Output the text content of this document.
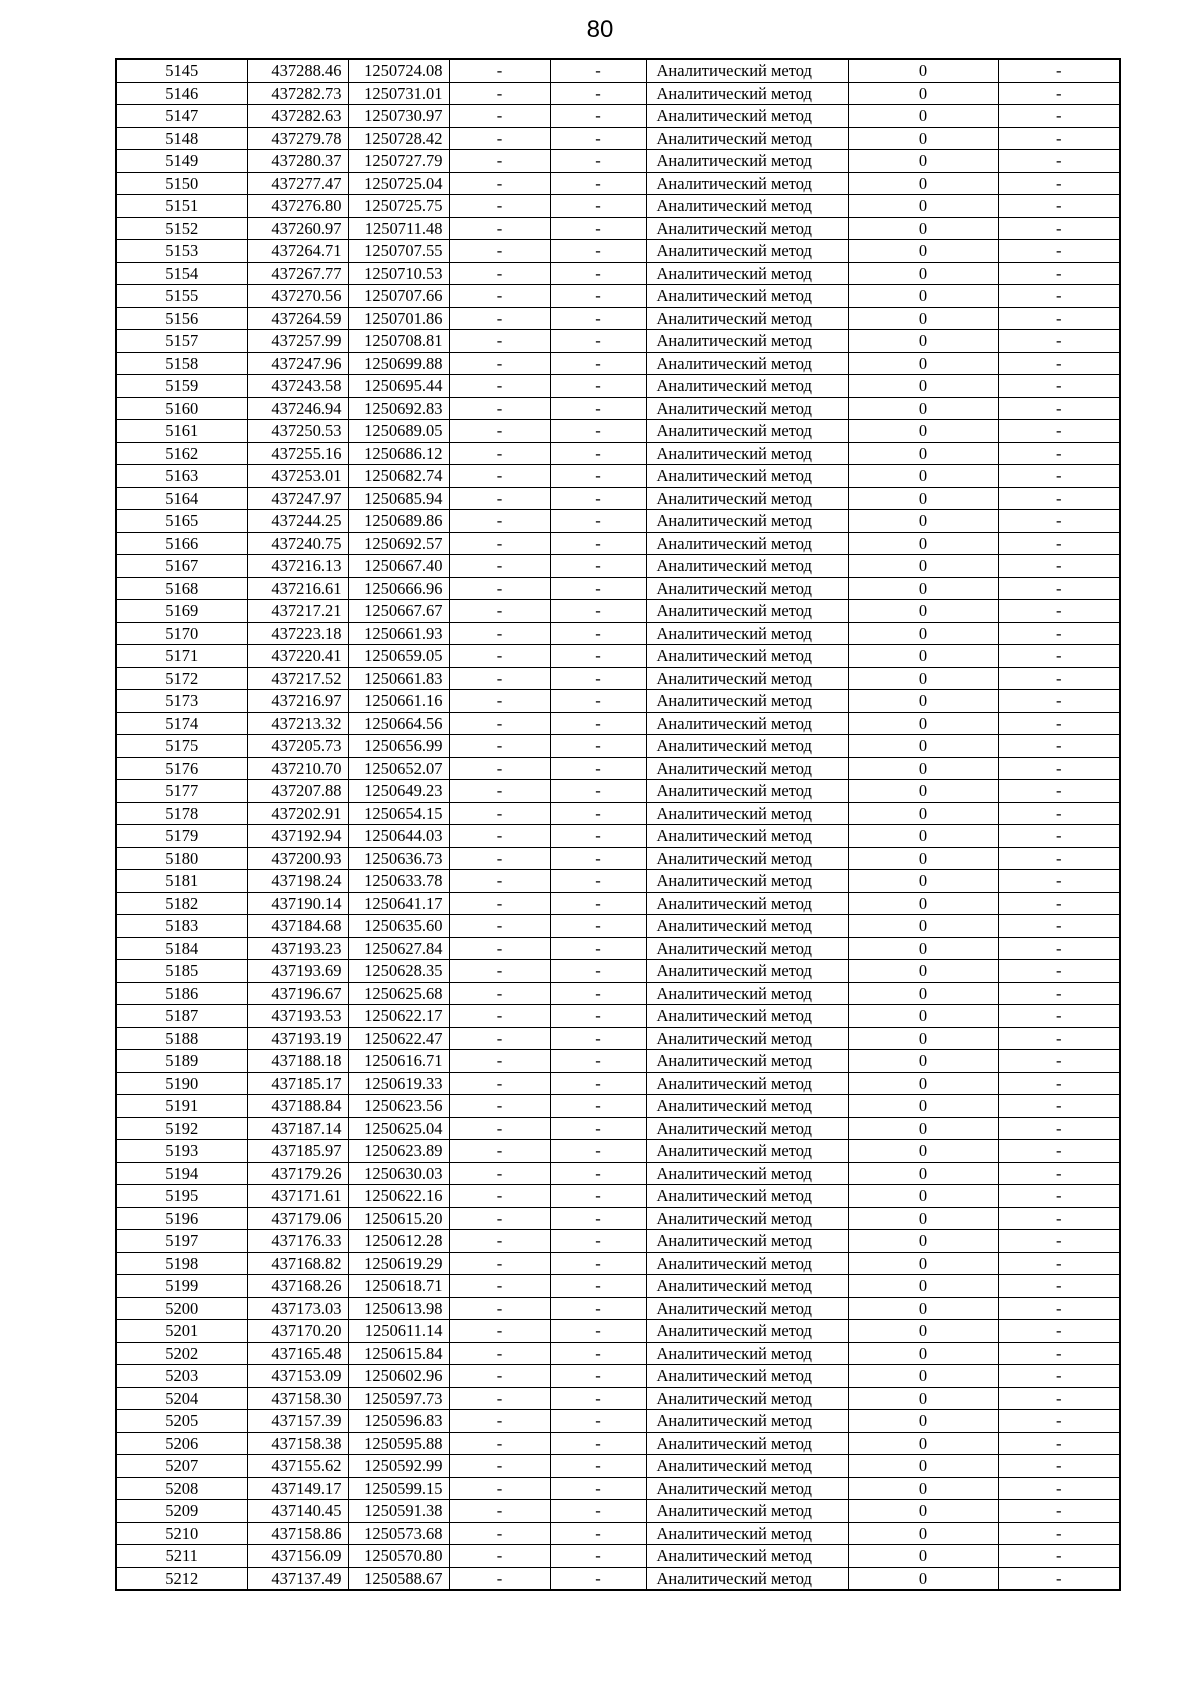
80
5145	437288.46	1250724.08	-	-	Аналитический метод	0	-
5146	437282.73	1250731.01	-	-	Аналитический метод	0	-
5147	437282.63	1250730.97	-	-	Аналитический метод	0	-
5148	437279.78	1250728.42	-	-	Аналитический метод	0	-
5149	437280.37	1250727.79	-	-	Аналитический метод	0	-
5150	437277.47	1250725.04	-	-	Аналитический метод	0	-
5151	437276.80	1250725.75	-	-	Аналитический метод	0	-
5152	437260.97	1250711.48	-	-	Аналитический метод	0	-
5153	437264.71	1250707.55	-	-	Аналитический метод	0	-
5154	437267.77	1250710.53	-	-	Аналитический метод	0	-
5155	437270.56	1250707.66	-	-	Аналитический метод	0	-
5156	437264.59	1250701.86	-	-	Аналитический метод	0	-
5157	437257.99	1250708.81	-	-	Аналитический метод	0	-
5158	437247.96	1250699.88	-	-	Аналитический метод	0	-
5159	437243.58	1250695.44	-	-	Аналитический метод	0	-
5160	437246.94	1250692.83	-	-	Аналитический метод	0	-
5161	437250.53	1250689.05	-	-	Аналитический метод	0	-
5162	437255.16	1250686.12	-	-	Аналитический метод	0	-
5163	437253.01	1250682.74	-	-	Аналитический метод	0	-
5164	437247.97	1250685.94	-	-	Аналитический метод	0	-
5165	437244.25	1250689.86	-	-	Аналитический метод	0	-
5166	437240.75	1250692.57	-	-	Аналитический метод	0	-
5167	437216.13	1250667.40	-	-	Аналитический метод	0	-
5168	437216.61	1250666.96	-	-	Аналитический метод	0	-
5169	437217.21	1250667.67	-	-	Аналитический метод	0	-
5170	437223.18	1250661.93	-	-	Аналитический метод	0	-
5171	437220.41	1250659.05	-	-	Аналитический метод	0	-
5172	437217.52	1250661.83	-	-	Аналитический метод	0	-
5173	437216.97	1250661.16	-	-	Аналитический метод	0	-
5174	437213.32	1250664.56	-	-	Аналитический метод	0	-
5175	437205.73	1250656.99	-	-	Аналитический метод	0	-
5176	437210.70	1250652.07	-	-	Аналитический метод	0	-
5177	437207.88	1250649.23	-	-	Аналитический метод	0	-
5178	437202.91	1250654.15	-	-	Аналитический метод	0	-
5179	437192.94	1250644.03	-	-	Аналитический метод	0	-
5180	437200.93	1250636.73	-	-	Аналитический метод	0	-
5181	437198.24	1250633.78	-	-	Аналитический метод	0	-
5182	437190.14	1250641.17	-	-	Аналитический метод	0	-
5183	437184.68	1250635.60	-	-	Аналитический метод	0	-
5184	437193.23	1250627.84	-	-	Аналитический метод	0	-
5185	437193.69	1250628.35	-	-	Аналитический метод	0	-
5186	437196.67	1250625.68	-	-	Аналитический метод	0	-
5187	437193.53	1250622.17	-	-	Аналитический метод	0	-
5188	437193.19	1250622.47	-	-	Аналитический метод	0	-
5189	437188.18	1250616.71	-	-	Аналитический метод	0	-
5190	437185.17	1250619.33	-	-	Аналитический метод	0	-
5191	437188.84	1250623.56	-	-	Аналитический метод	0	-
5192	437187.14	1250625.04	-	-	Аналитический метод	0	-
5193	437185.97	1250623.89	-	-	Аналитический метод	0	-
5194	437179.26	1250630.03	-	-	Аналитический метод	0	-
5195	437171.61	1250622.16	-	-	Аналитический метод	0	-
5196	437179.06	1250615.20	-	-	Аналитический метод	0	-
5197	437176.33	1250612.28	-	-	Аналитический метод	0	-
5198	437168.82	1250619.29	-	-	Аналитический метод	0	-
5199	437168.26	1250618.71	-	-	Аналитический метод	0	-
5200	437173.03	1250613.98	-	-	Аналитический метод	0	-
5201	437170.20	1250611.14	-	-	Аналитический метод	0	-
5202	437165.48	1250615.84	-	-	Аналитический метод	0	-
5203	437153.09	1250602.96	-	-	Аналитический метод	0	-
5204	437158.30	1250597.73	-	-	Аналитический метод	0	-
5205	437157.39	1250596.83	-	-	Аналитический метод	0	-
5206	437158.38	1250595.88	-	-	Аналитический метод	0	-
5207	437155.62	1250592.99	-	-	Аналитический метод	0	-
5208	437149.17	1250599.15	-	-	Аналитический метод	0	-
5209	437140.45	1250591.38	-	-	Аналитический метод	0	-
5210	437158.86	1250573.68	-	-	Аналитический метод	0	-
5211	437156.09	1250570.80	-	-	Аналитический метод	0	-
5212	437137.49	1250588.67	-	-	Аналитический метод	0	-
